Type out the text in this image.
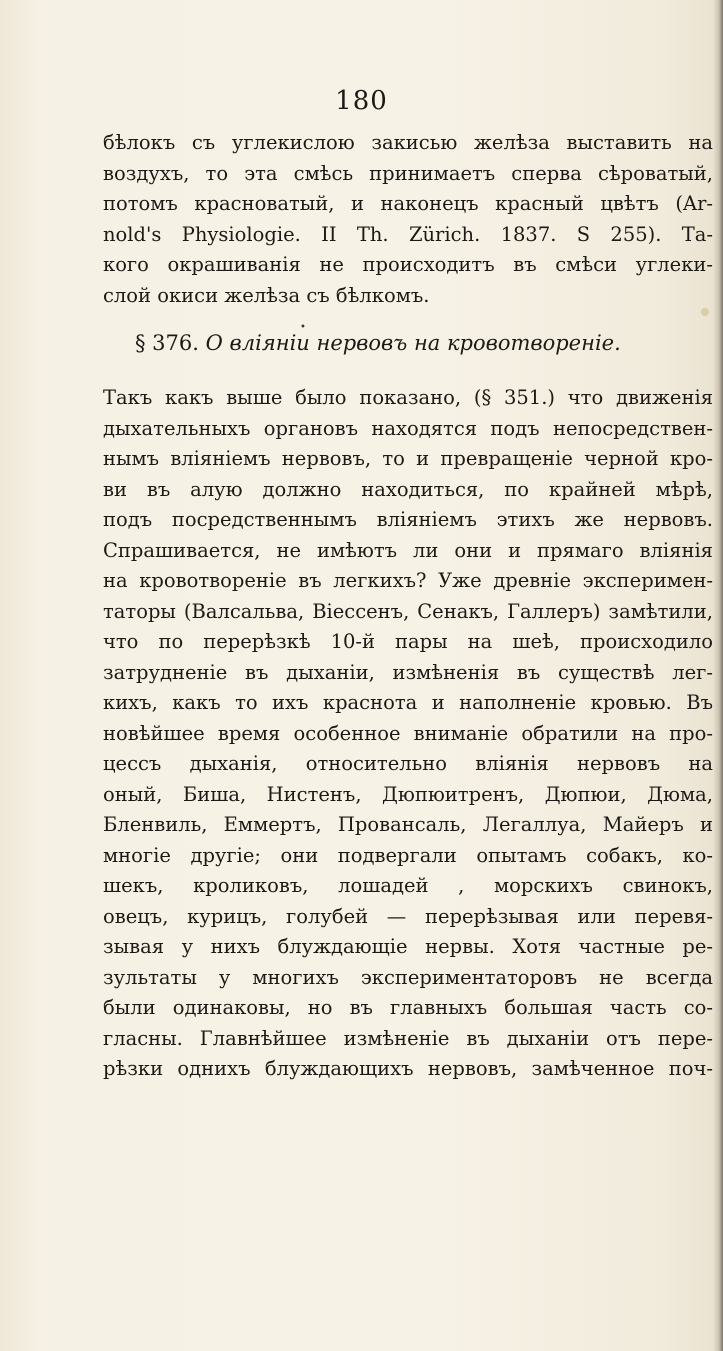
180
бѣлокъ съ углекислою закисью желѣза выставить на
воздухъ, то эта смѣсь принимаетъ сперва сѣроватый,
потомъ красноватый, и наконецъ красный цвѣтъ (Ar-
nold's Physiologie. II Th. Zürich. 1837. S 255). Та-
кого окрашиванія не происходитъ въ смѣси углеки-
слой окиси желѣза съ бѣлкомъ.
§ 376. О вліяніи нервовъ на кровотвореніе.
Такъ какъ выше было показано, (§ 351.) что движенія
дыхательныхъ органовъ находятся подъ непосредствен-
нымъ вліяніемъ нервовъ, то и превращеніе черной кро-
ви въ алую должно находиться, по крайней мѣрѣ,
подъ посредственнымъ вліяніемъ этихъ же нервовъ.
Спрашивается, не имѣютъ ли они и прямаго вліянія
на кровотвореніе въ легкихъ? Уже древніе эксперимен-
таторы (Валсальва, Віессенъ, Сенакъ, Галлеръ) замѣтили,
что по перерѣзкѣ 10-й пары на шеѣ, происходило
затрудненіе въ дыханіи, измѣненія въ существѣ лег-
кихъ, какъ то ихъ краснота и наполненіе кровью. Въ
новѣйшее время особенное вниманіе обратили на про-
цессъ дыханія, относительно вліянія нервовъ на
оный, Биша, Нистенъ, Дюпюитренъ, Дюпюи, Дюма,
Бленвиль, Еммертъ, Провансаль, Легаллуа, Майеръ и
многіе другіе; они подвергали опытамъ собакъ, ко-
шекъ, кроликовъ, лошадей , морскихъ свинокъ,
овецъ, курицъ, голубей — перерѣзывая или перевя-
зывая у нихъ блуждающіе нервы. Хотя частные ре-
зультаты у многихъ экспериментаторовъ не всегда
были одинаковы, но въ главныхъ большая часть со-
гласны. Главнѣйшее измѣненіе въ дыханіи отъ пере-
рѣзки однихъ блуждающихъ нервовъ, замѣченное поч-
•
